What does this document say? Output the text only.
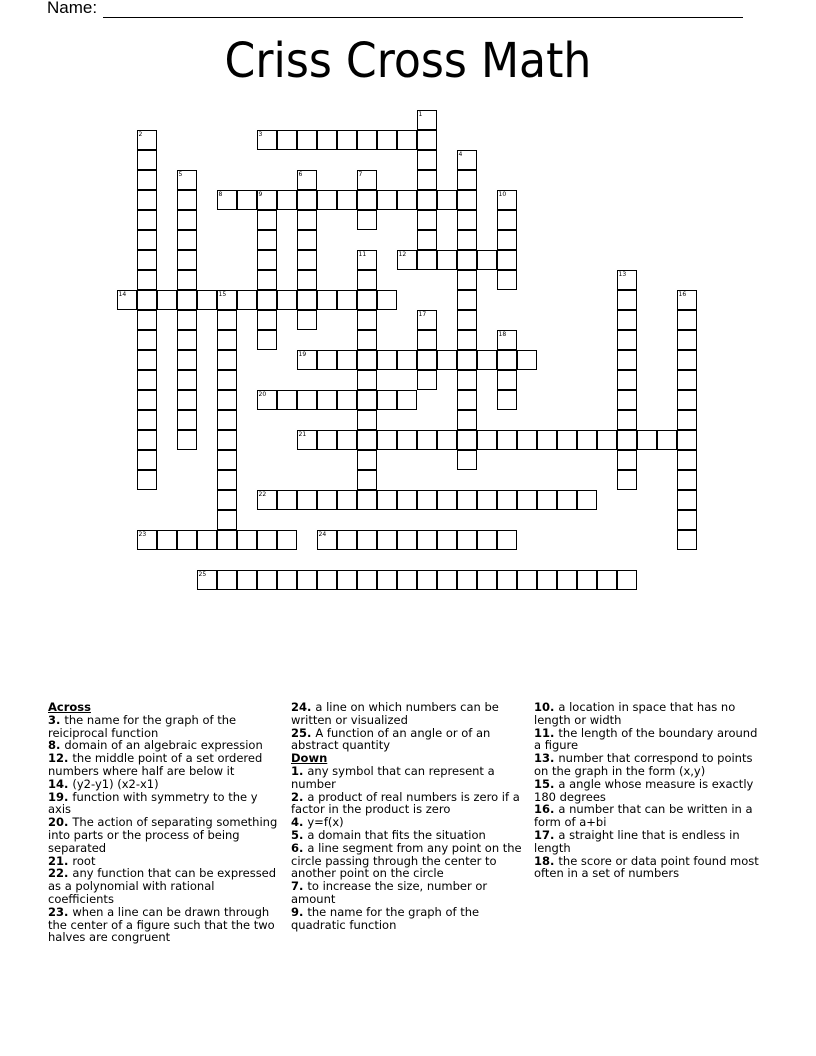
Name:
Criss Cross Math
1
2	3
4
5	6	7
8	9	10
11	12
13
14	15	16
17
18
19
20
21
22
23	24
25
Across
3. the name for the graph of the reiciprocal function
8. domain of an algebraic expression
12. the middle point of a set ordered numbers where half are below it
14. (y2-y1) (x2-x1)
19. function with symmetry to the y axis
20. The action of separating something into parts or the process of being separated
21. root
22. any function that can be expressed as a polynomial with rational coefficients
23. when a line can be drawn through the center of a figure such that the two halves are congruent
24. a line on which numbers can be written or visualized
25. A function of an angle or of an abstract quantity
Down
1. any symbol that can represent a number
2. a product of real numbers is zero if a factor in the product is zero
4. y=f(x)
5. a domain that fits the situation
6. a line segment from any point on the circle passing through the center to another point on the circle
7. to increase the size, number or amount
9. the name for the graph of the quadratic function
10. a location in space that has no length or width
11. the length of the boundary around a figure
13. number that correspond to points on the graph in the form (x,y)
15. a angle whose measure is exactly 180 degrees
16. a number that can be written in a form of a+bi
17. a straight line that is endless in length
18. the score or data point found most often in a set of numbers
